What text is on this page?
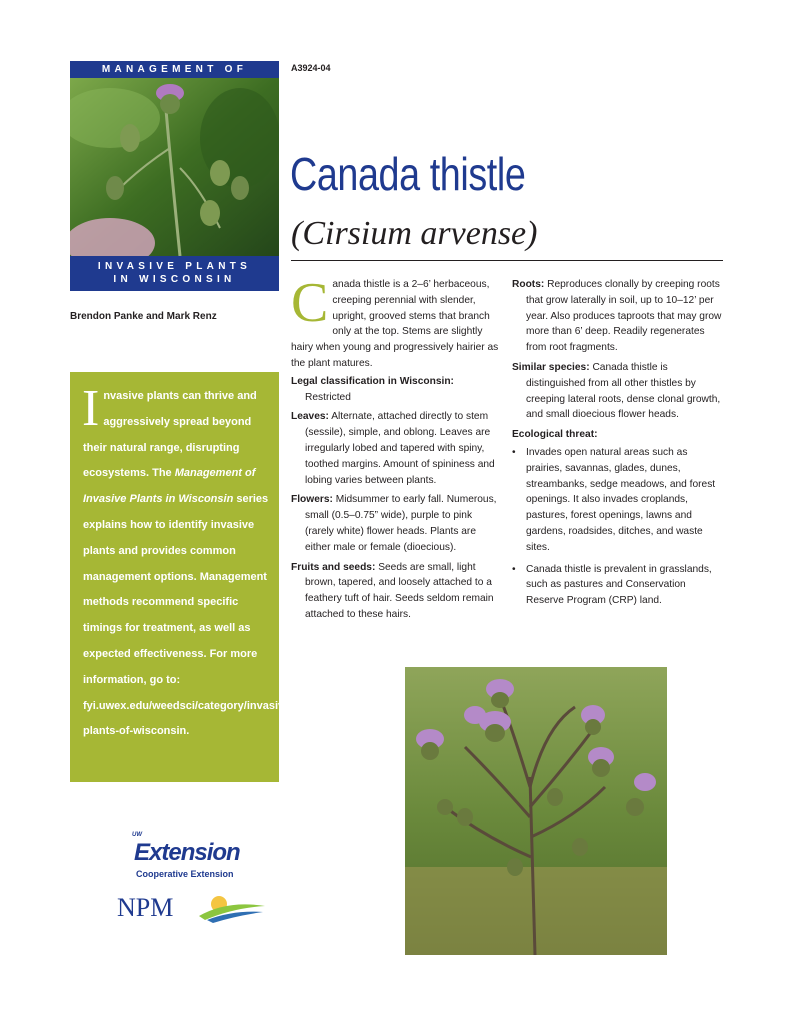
MANAGEMENT OF
INVASIVE PLANTS
IN WISCONSIN
Brendon Panke and Mark Renz
Invasive plants can thrive and aggressively spread beyond their natural range, disrupting ecosystems. The Management of Invasive Plants in Wisconsin series explains how to identify invasive plants and provides common management options. Management methods recommend specific timings for treatment, as well as expected effectiveness. For more information, go to: fyi.uwex.edu/weedsci/category/invasive-plants-of-wisconsin.
UW
Extension
Cooperative Extension
NPM
A3924-04
Canada thistle
(Cirsium arvense)

Canada thistle is a 2–6’ herbaceous, creeping perennial with slender, upright, grooved stems that branch only at the top. Stems are slightly hairy when young and progressively hairier as the plant matures.

Legal classification in Wisconsin:

Restricted

Leaves: Alternate, attached directly to stem (sessile), simple, and oblong. Leaves are irregularly lobed and tapered with spiny, toothed margins. Amount of spininess and lobing varies between plants.

Flowers: Midsummer to early fall. Numerous, small (0.5–0.75” wide), purple to pink (rarely white) flower heads. Plants are either male or female (dioecious).

Fruits and seeds: Seeds are small, light brown, tapered, and loosely attached to a feathery tuft of hair. Seeds seldom remain attached to these hairs.

Roots: Reproduces clonally by creeping roots that grow laterally in soil, up to 10–12’ per year. Also produces taproots that may grow more than 6’ deep. Readily regenerates from root fragments.

Similar species: Canada thistle is distinguished from all other thistles by creeping lateral roots, dense clonal growth, and small dioecious flower heads.

Ecological threat:

• Invades open natural areas such as prairies, savannas, glades, dunes, streambanks, sedge meadows, and forest openings. It also invades croplands, pastures, forest openings, lawns and gardens, roadsides, ditches, and waste sites.
• Canada thistle is prevalent in grasslands, such as pastures and Conservation Reserve Program (CRP) land.
